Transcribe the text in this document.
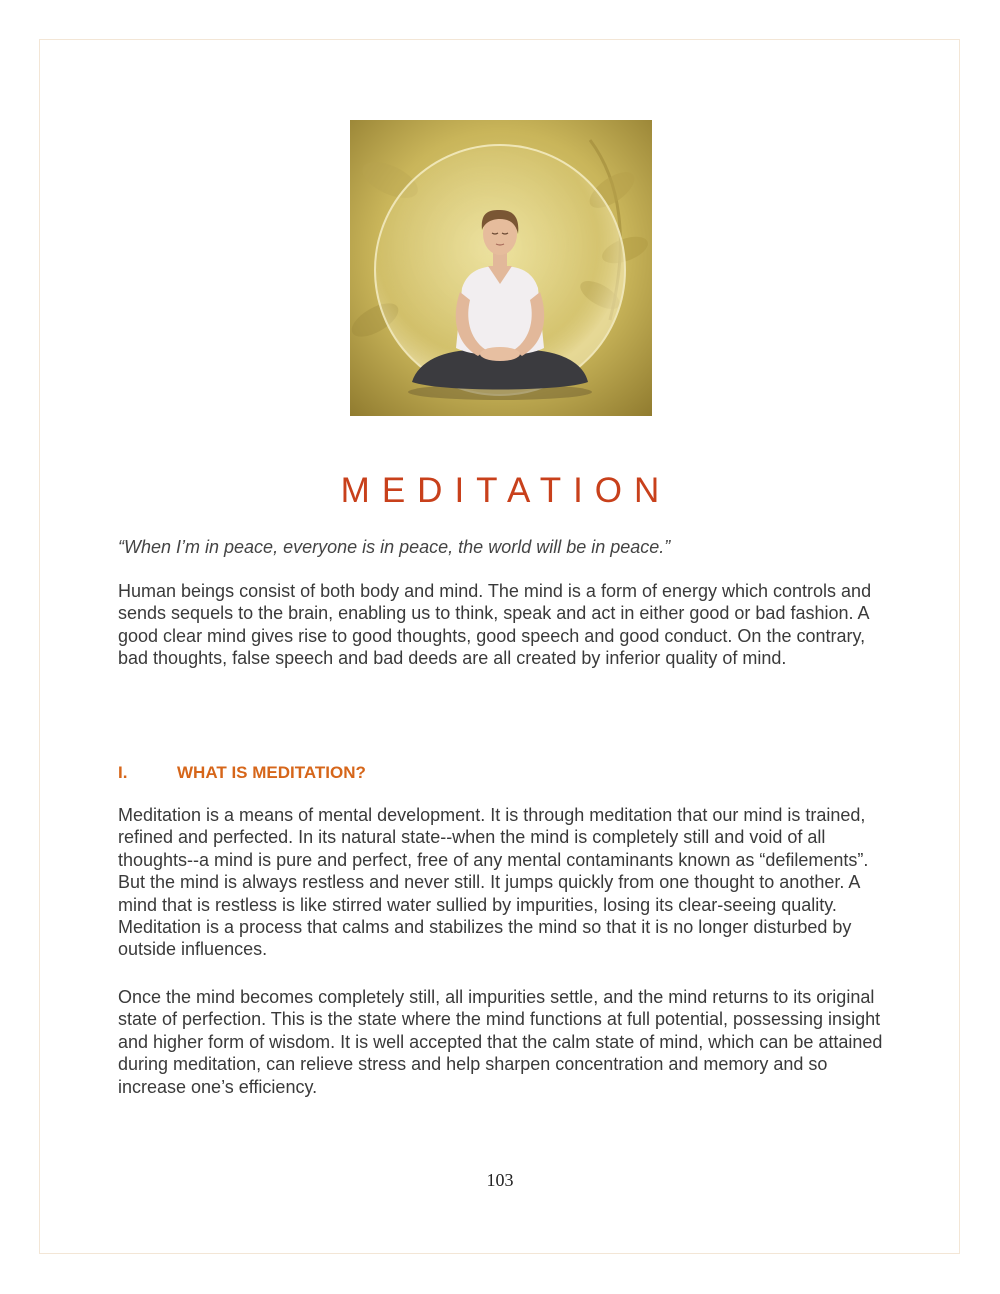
MEDITATION
“When I’m in peace, everyone is in peace, the world will be in peace.”

Human beings consist of both body and mind. The mind is a form of energy which controls and sends sequels to the brain, enabling us to think, speak and act in either good or bad fashion. A good clear mind gives rise to good thoughts, good speech and good conduct. On the contrary, bad thoughts, false speech and bad deeds are all created by inferior quality of mind.

I.	WHAT IS MEDITATION?

Meditation is a means of mental development. It is through meditation that our mind is trained, refined and perfected. In its natural state--when the mind is completely still and void of all thoughts--a mind is pure and perfect, free of any mental contaminants known as “defilements”. But the mind is always restless and never still. It jumps quickly from one thought to another. A mind that is restless is like stirred water sullied by impurities, losing its clear-seeing quality. Meditation is a process that calms and stabilizes the mind so that it is no longer disturbed by outside influences.

Once the mind becomes completely still, all impurities settle, and the mind returns to its original state of perfection. This is the state where the mind functions at full potential, possessing insight and higher form of wisdom. It is well accepted that the calm state of mind, which can be attained during meditation, can relieve stress and help sharpen concentration and memory and so increase one’s efficiency.

103
